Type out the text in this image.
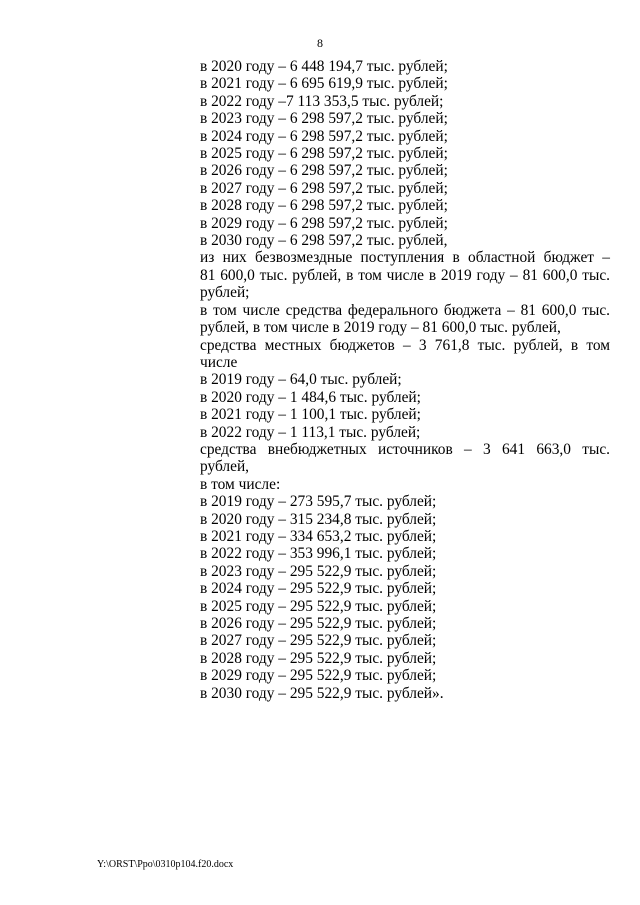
8
в 2020 году – 6 448 194,7 тыс. рублей;
в 2021 году – 6 695 619,9 тыс. рублей;
в 2022 году –7 113 353,5 тыс. рублей;
в 2023 году – 6 298 597,2 тыс. рублей;
в 2024 году – 6 298 597,2 тыс. рублей;
в 2025 году – 6 298 597,2 тыс. рублей;
в 2026 году – 6 298 597,2 тыс. рублей;
в 2027 году – 6 298 597,2 тыс. рублей;
в 2028 году – 6 298 597,2 тыс. рублей;
в 2029 году – 6 298 597,2 тыс. рублей;
в 2030 году – 6 298 597,2 тыс. рублей,
из них безвозмездные поступления в областной бюджет –
81 600,0 тыс. рублей, в том числе в 2019 году – 81 600,0 тыс.
рублей;
в том числе средства федерального бюджета – 81 600,0 тыс.
рублей, в том числе в 2019 году – 81 600,0 тыс. рублей,
средства местных бюджетов – 3 761,8 тыс. рублей, в том числе
в 2019 году – 64,0 тыс. рублей;
в 2020 году – 1 484,6 тыс. рублей;
в 2021 году – 1 100,1 тыс. рублей;
в 2022 году – 1 113,1 тыс. рублей;
средства внебюджетных источников – 3 641 663,0 тыс. рублей,
в том числе:
в 2019 году – 273 595,7 тыс. рублей;
в 2020 году – 315 234,8 тыс. рублей;
в 2021 году – 334 653,2 тыс. рублей;
в 2022 году – 353 996,1 тыс. рублей;
в 2023 году – 295 522,9 тыс. рублей;
в 2024 году – 295 522,9 тыс. рублей;
в 2025 году – 295 522,9 тыс. рублей;
в 2026 году – 295 522,9 тыс. рублей;
в 2027 году – 295 522,9 тыс. рублей;
в 2028 году – 295 522,9 тыс. рублей;
в 2029 году – 295 522,9 тыс. рублей;
в 2030 году – 295 522,9 тыс. рублей».
Y:\ORST\Ppo\0310p104.f20.docx
